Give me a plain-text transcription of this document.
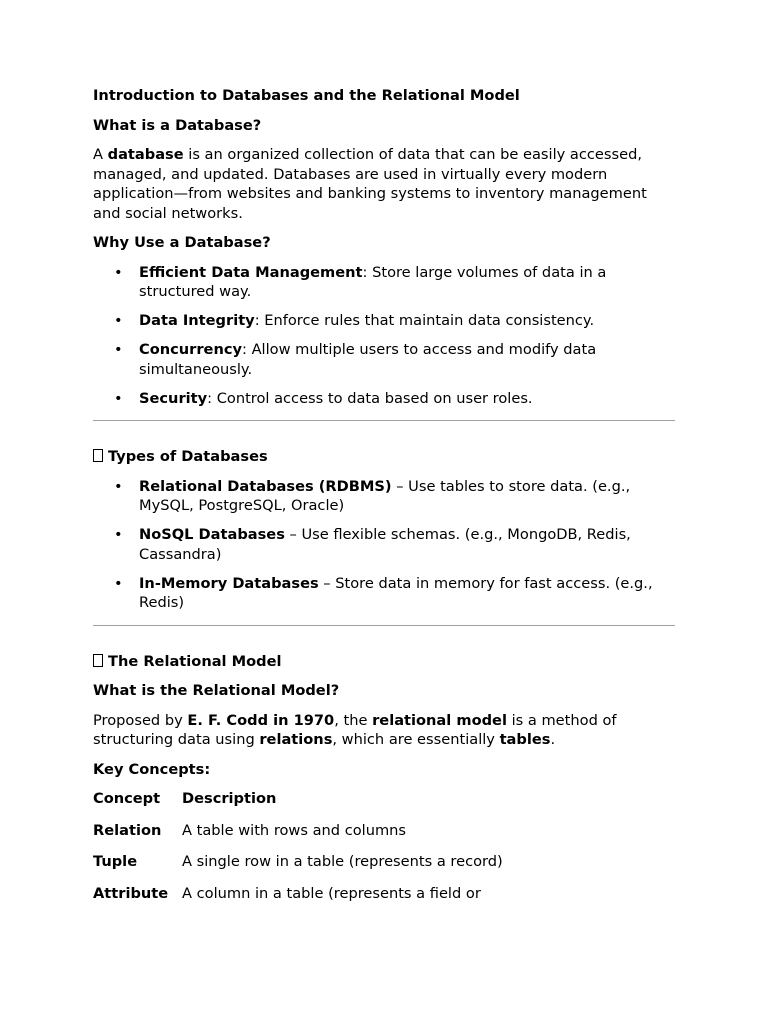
Introduction to Databases and the Relational Model
What is a Database?

A database is an organized collection of data that can be easily accessed, managed, and updated. Databases are used in virtually every modern application—from websites and banking systems to inventory management and social networks.

Why Use a Database?
• Efficient Data Management: Store large volumes of data in a structured way.
• Data Integrity: Enforce rules that maintain data consistency.
• Concurrency: Allow multiple users to access and modify data simultaneously.
• Security: Control access to data based on user roles.
Types of Databases
• Relational Databases (RDBMS) – Use tables to store data. (e.g., MySQL, PostgreSQL, Oracle)
• NoSQL Databases – Use flexible schemas. (e.g., MongoDB, Redis, Cassandra)
• In-Memory Databases – Store data in memory for fast access. (e.g., Redis)
The Relational Model
What is the Relational Model?

Proposed by E. F. Codd in 1970, the relational model is a method of structuring data using relations, which are essentially tables.

Key Concepts:
Concept	Description
Relation	A table with rows and columns
Tuple	A single row in a table (represents a record)
Attribute	A column in a table (represents a field or
